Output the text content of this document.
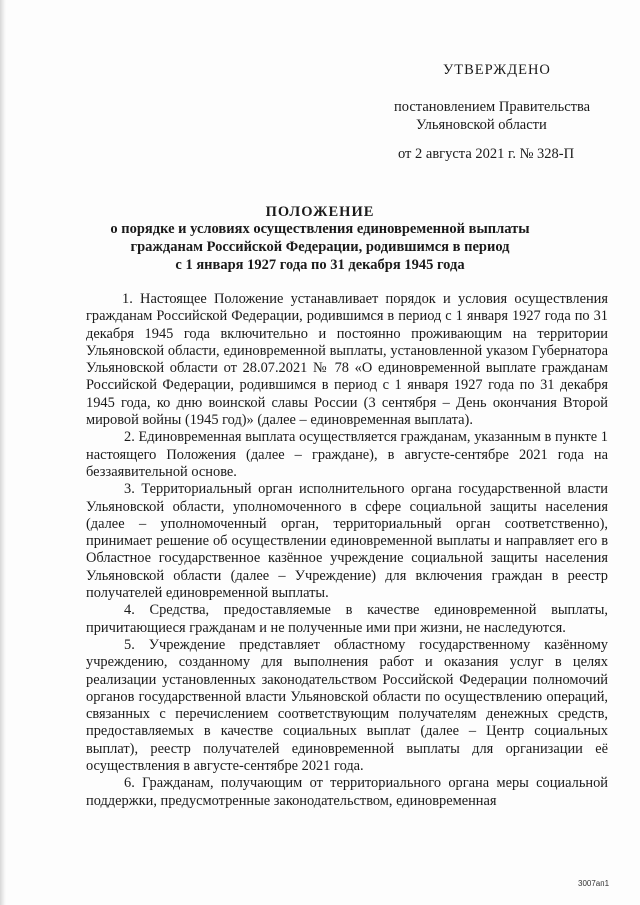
УТВЕРЖДЕНО
постановлением Правительства
Ульяновской области
от 2 августа 2021 г. № 328-П
ПОЛОЖЕНИЕ
о порядке и условиях осуществления единовременной выплаты
гражданам Российской Федерации, родившимся в период
с 1 января 1927 года по 31 декабря 1945 года

1. Настоящее Положение устанавливает порядок и условия осуществления гражданам Российской Федерации, родившимся в период с 1 января 1927 года по 31 декабря 1945 года включительно и постоянно проживающим на территории Ульяновской области, единовременной выплаты, установленной указом Губернатора Ульяновской области от 28.07.2021 № 78 «О единовременной выплате гражданам Российской Федерации, родившимся в период с 1 января 1927 года по 31 декабря 1945 года, ко дню воинской славы России (3 сентября – День окончания Второй мировой войны (1945 год)» (далее – единовременная выплата).

2. Единовременная выплата осуществляется гражданам, указанным в пункте 1 настоящего Положения (далее – граждане), в августе-сентябре 2021 года на беззаявительной основе.

3. Территориальный орган исполнительного органа государственной власти Ульяновской области, уполномоченного в сфере социальной защиты населения (далее – уполномоченный орган, территориальный орган соответственно), принимает решение об осуществлении единовременной выплаты и направляет его в Областное государственное казённое учреждение социальной защиты населения Ульяновской области (далее – Учреждение) для включения граждан в реестр получателей единовременной выплаты.

4. Средства, предоставляемые в качестве единовременной выплаты, причитающиеся гражданам и не полученные ими при жизни, не наследуются.

5. Учреждение представляет областному государственному казённому учреждению, созданному для выполнения работ и оказания услуг в целях реализации установленных законодательством Российской Федерации полномочий органов государственной власти Ульяновской области по осуществлению операций, связанных с перечислением соответствующим получателям денежных средств, предоставляемых в качестве социальных выплат (далее – Центр социальных выплат), реестр получателей единовременной выплаты для организации её осуществления в августе-сентябре 2021 года.

6. Гражданам, получающим от территориального органа меры социальной поддержки, предусмотренные законодательством, единовременная

3007ап1
